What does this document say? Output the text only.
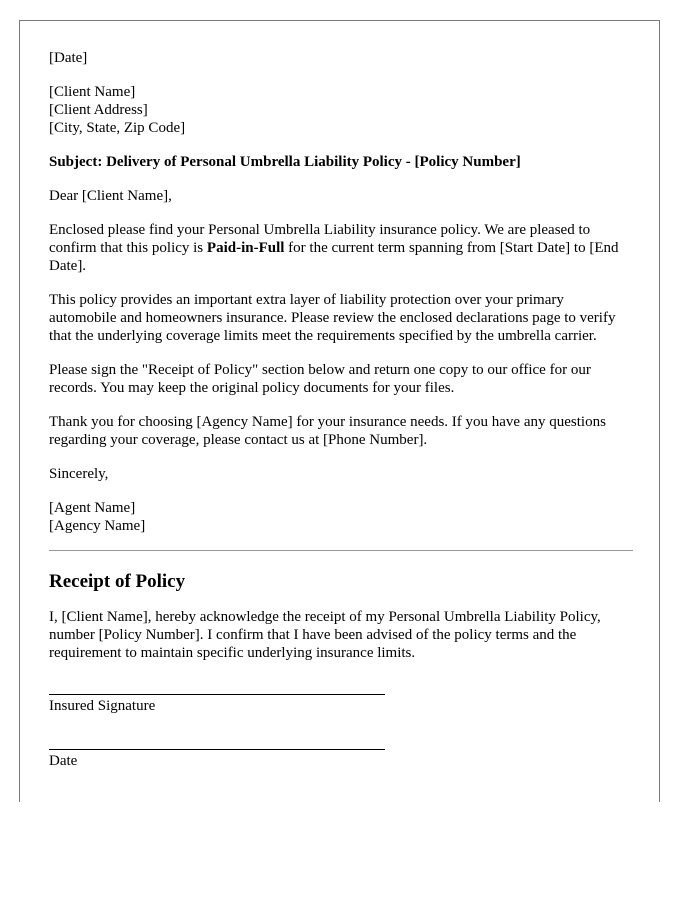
[Date]

[Client Name]
[Client Address]
[City, State, Zip Code]

Subject: Delivery of Personal Umbrella Liability Policy - [Policy Number]

Dear [Client Name],

Enclosed please find your Personal Umbrella Liability insurance policy. We are pleased to confirm that this policy is Paid-in-Full for the current term spanning from [Start Date] to [End Date].

This policy provides an important extra layer of liability protection over your primary automobile and homeowners insurance. Please review the enclosed declarations page to verify that the underlying coverage limits meet the requirements specified by the umbrella carrier.

Please sign the "Receipt of Policy" section below and return one copy to our office for our records. You may keep the original policy documents for your files.

Thank you for choosing [Agency Name] for your insurance needs. If you have any questions regarding your coverage, please contact us at [Phone Number].

Sincerely,

[Agent Name]
[Agency Name]

Receipt of Policy

I, [Client Name], hereby acknowledge the receipt of my Personal Umbrella Liability Policy, number [Policy Number]. I confirm that I have been advised of the policy terms and the requirement to maintain specific underlying insurance limits.

Insured Signature

Date
